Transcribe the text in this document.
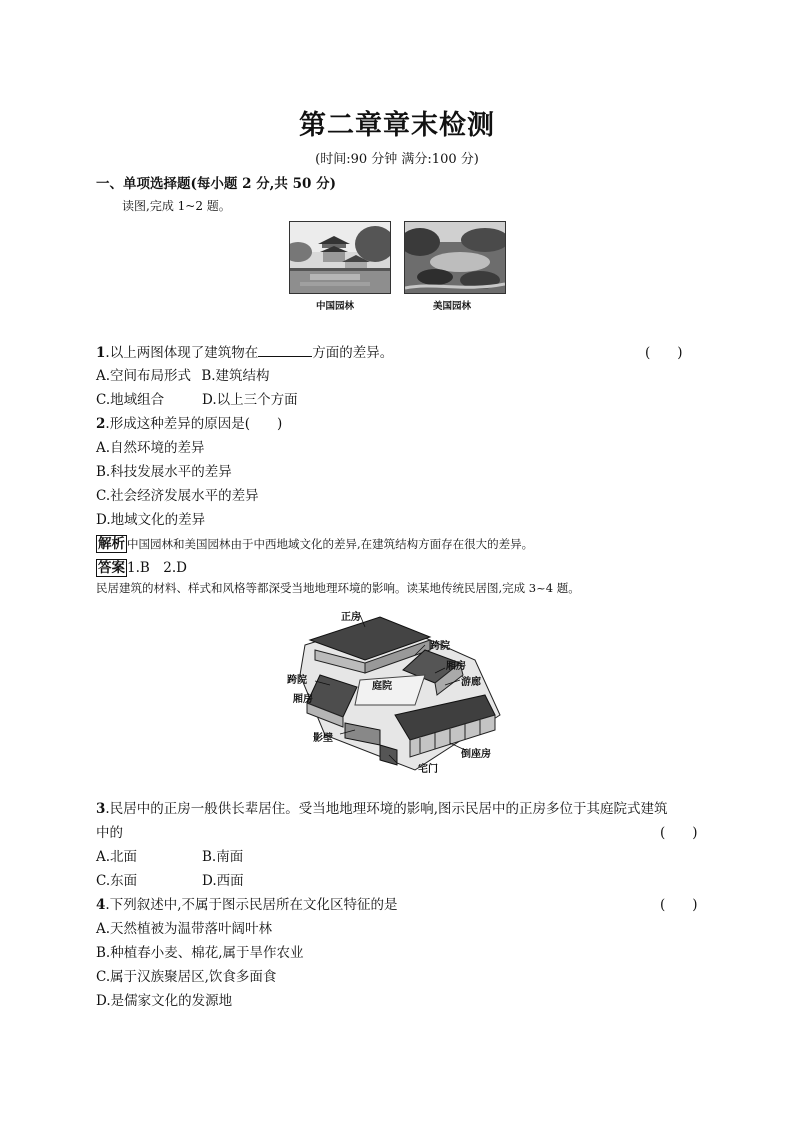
第二章章末检测
(时间:90 分钟 满分:100 分)
一、单项选择题(每小题 2 分,共 50 分)
读图,完成 1~2 题。
中国园林	美国园林
1.以上两图体现了建筑物在	方面的差异。	(　　)
A.空间布局形式 B.建筑结构
C.地域组合	D.以上三个方面
2.形成这种差异的原因是(　　)
A.自然环境的差异
B.科技发展水平的差异
C.社会经济发展水平的差异
D.地域文化的差异
解析 中国园林和美国园林由于中西地域文化的差异,在建筑结构方面存在很大的差异。
答案 1.B　2.D
民居建筑的材料、样式和风格等都深受当地地理环境的影响。读某地传统民居图,完成 3~4 题。
正房
跨院
厢房
跨院
庭院	游廊
厢房
影壁
倒座房
宅门
3.民居中的正房一般供长辈居住。受当地地理环境的影响,图示民居中的正房多位于其庭院式建筑
中的	(　　)
A.北面	B.南面
C.东面	D.西面
4.下列叙述中,不属于图示民居所在文化区特征的是	(　　)
A.天然植被为温带落叶阔叶林
B.种植春小麦、棉花,属于旱作农业
C.属于汉族聚居区,饮食多面食
D.是儒家文化的发源地
